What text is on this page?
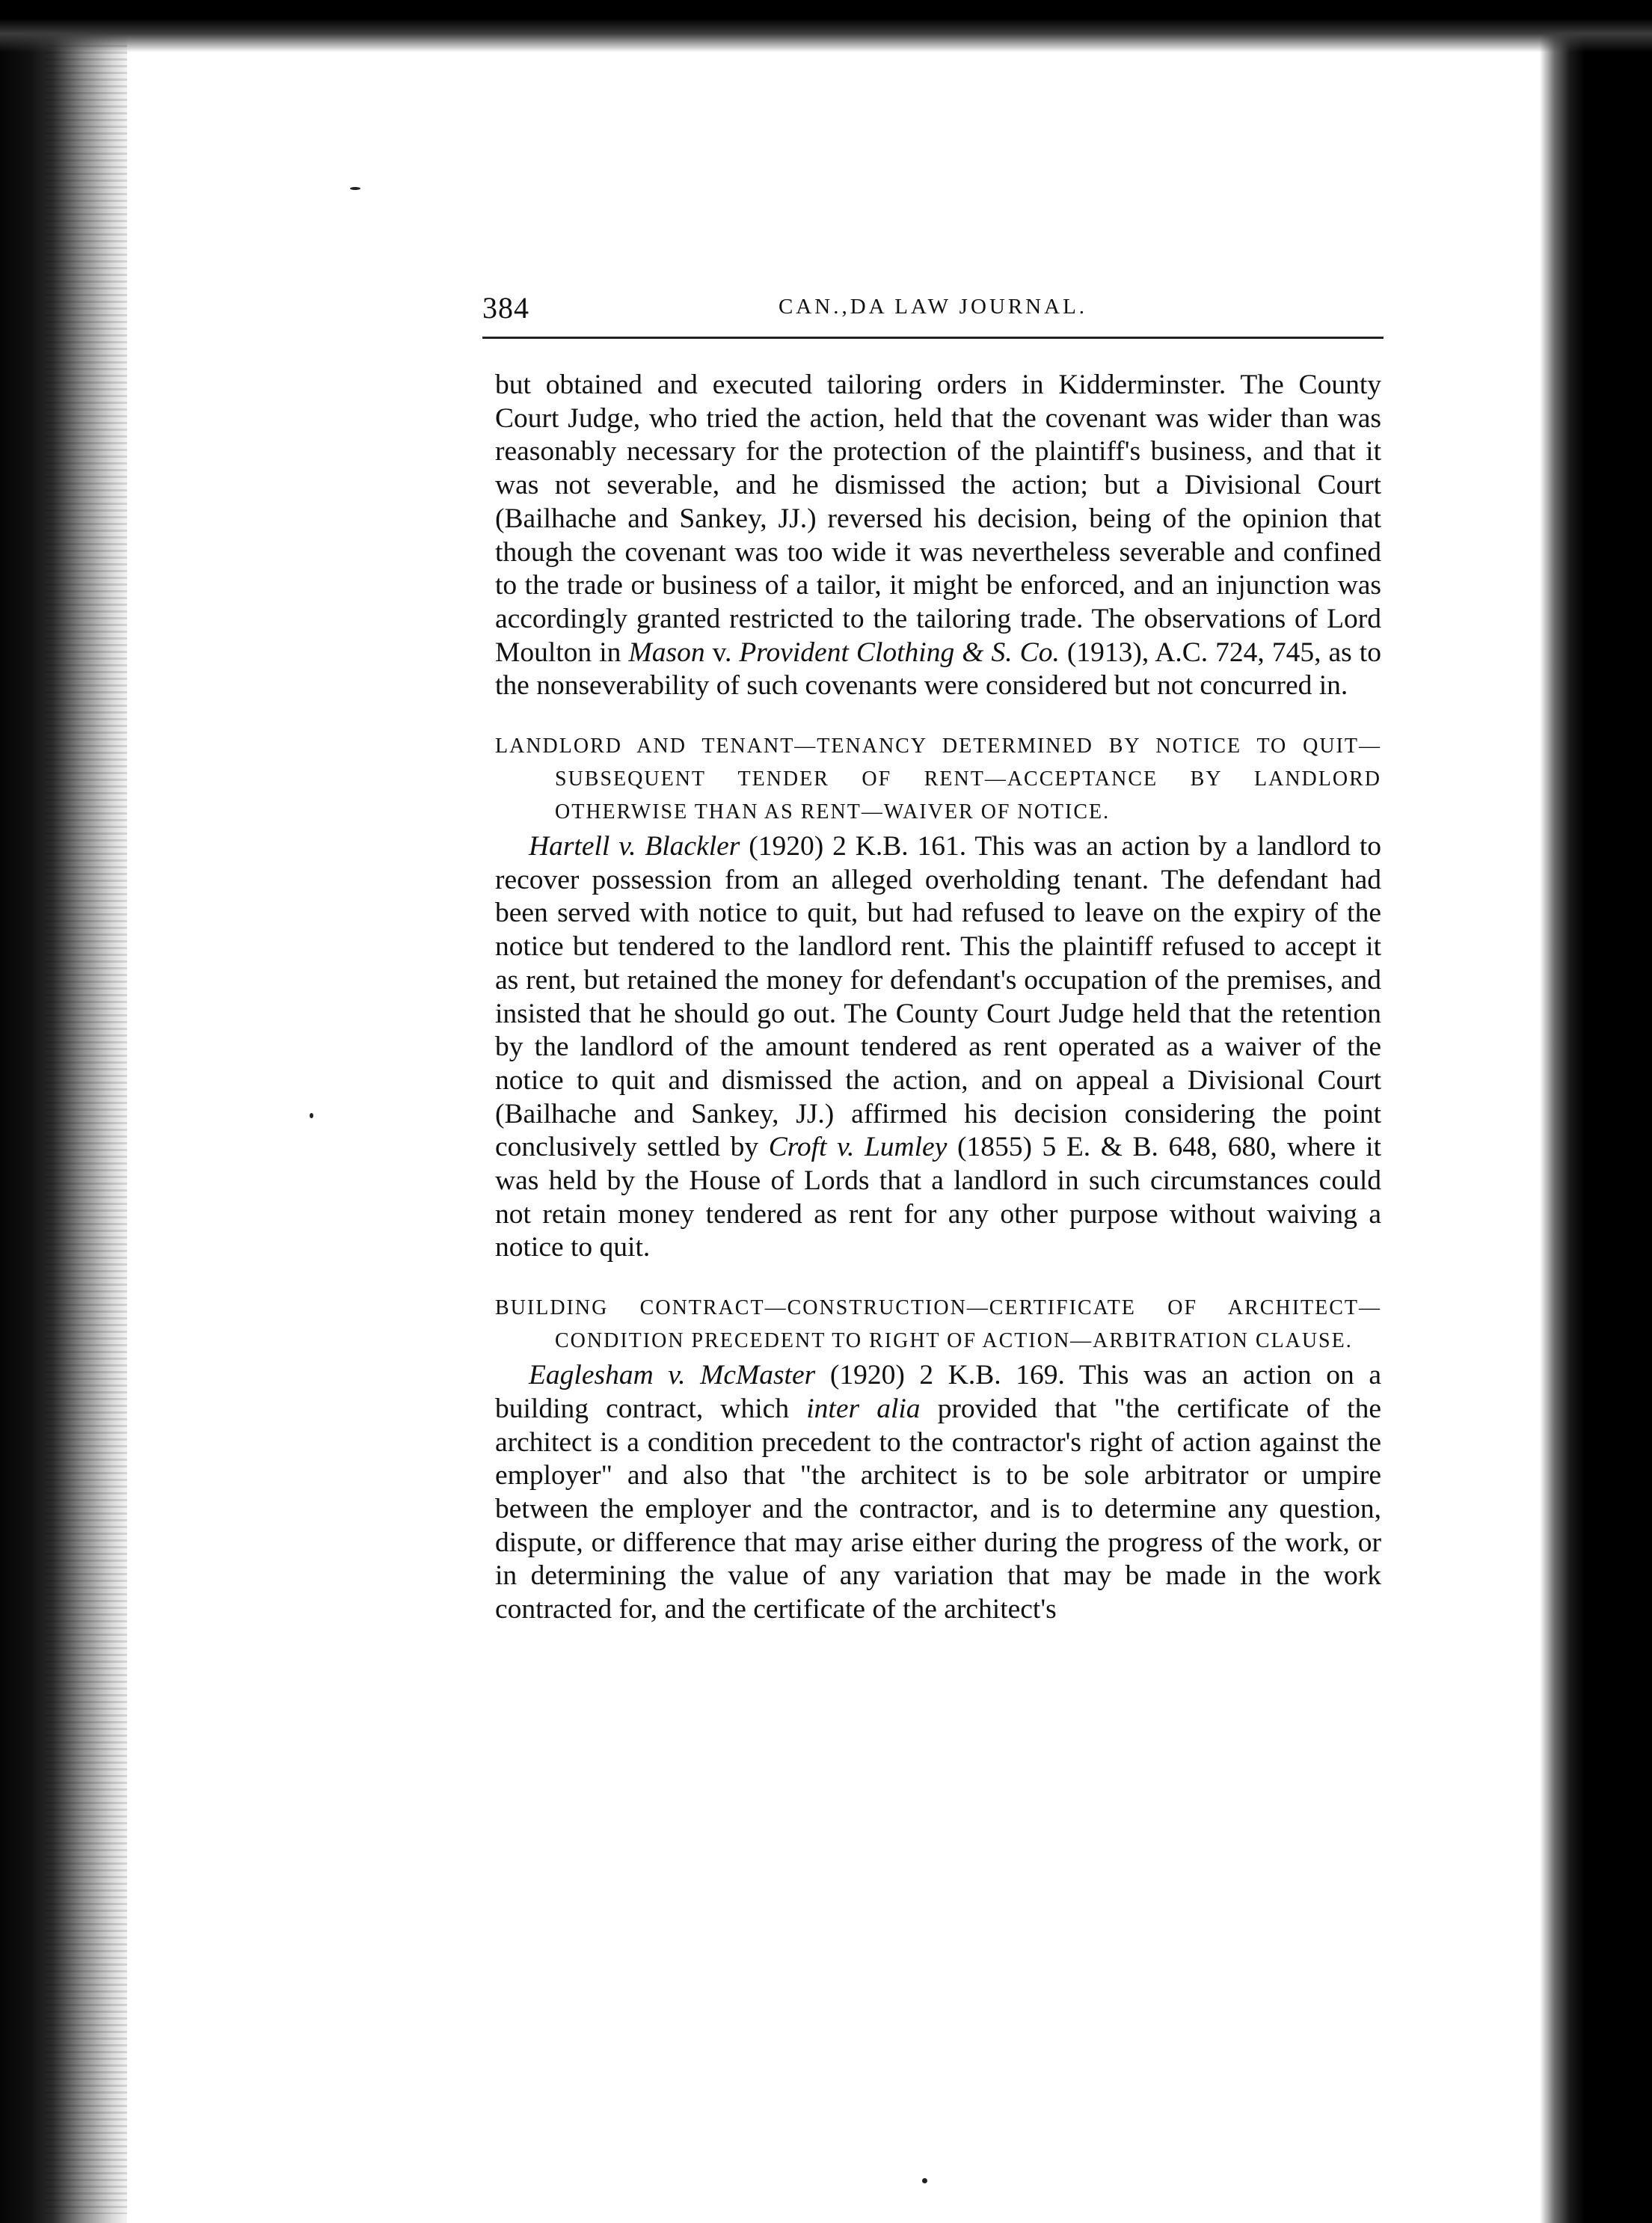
384	CAN.,DA LAW JOURNAL.

but obtained and executed tailoring orders in Kidderminster. The County Court Judge, who tried the action, held that the covenant was wider than was reasonably necessary for the protection of the plaintiff's business, and that it was not severable, and he dismissed the action; but a Divisional Court (Bailhache and Sankey, JJ.) reversed his decision, being of the opinion that though the covenant was too wide it was nevertheless severable and confined to the trade or business of a tailor, it might be enforced, and an injunction was accordingly granted restricted to the tailoring trade. The observations of Lord Moulton in Mason v. Provident Clothing & S. Co. (1913), A.C. 724, 745, as to the nonseverability of such covenants were considered but not concurred in.

LANDLORD AND TENANT—TENANCY DETERMINED BY NOTICE TO QUIT—SUBSEQUENT TENDER OF RENT—ACCEPTANCE BY LANDLORD OTHERWISE THAN AS RENT—WAIVER OF NOTICE.

Hartell v. Blackler (1920) 2 K.B. 161. This was an action by a landlord to recover possession from an alleged overholding tenant. The defendant had been served with notice to quit, but had refused to leave on the expiry of the notice but tendered to the landlord rent. This the plaintiff refused to accept it as rent, but retained the money for defendant's occupation of the premises, and insisted that he should go out. The County Court Judge held that the retention by the landlord of the amount tendered as rent operated as a waiver of the notice to quit and dismissed the action, and on appeal a Divisional Court (Bailhache and Sankey, JJ.) affirmed his decision considering the point conclusively settled by Croft v. Lumley (1855) 5 E. & B. 648, 680, where it was held by the House of Lords that a landlord in such circumstances could not retain money tendered as rent for any other purpose without waiving a notice to quit.

BUILDING CONTRACT—CONSTRUCTION—CERTIFICATE OF ARCHITECT—CONDITION PRECEDENT TO RIGHT OF ACTION—ARBITRATION CLAUSE.

Eaglesham v. McMaster (1920) 2 K.B. 169. This was an action on a building contract, which inter alia provided that "the certificate of the architect is a condition precedent to the contractor's right of action against the employer" and also that "the architect is to be sole arbitrator or umpire between the employer and the contractor, and is to determine any question, dispute, or difference that may arise either during the progress of the work, or in determining the value of any variation that may be made in the work contracted for, and the certificate of the architect's
